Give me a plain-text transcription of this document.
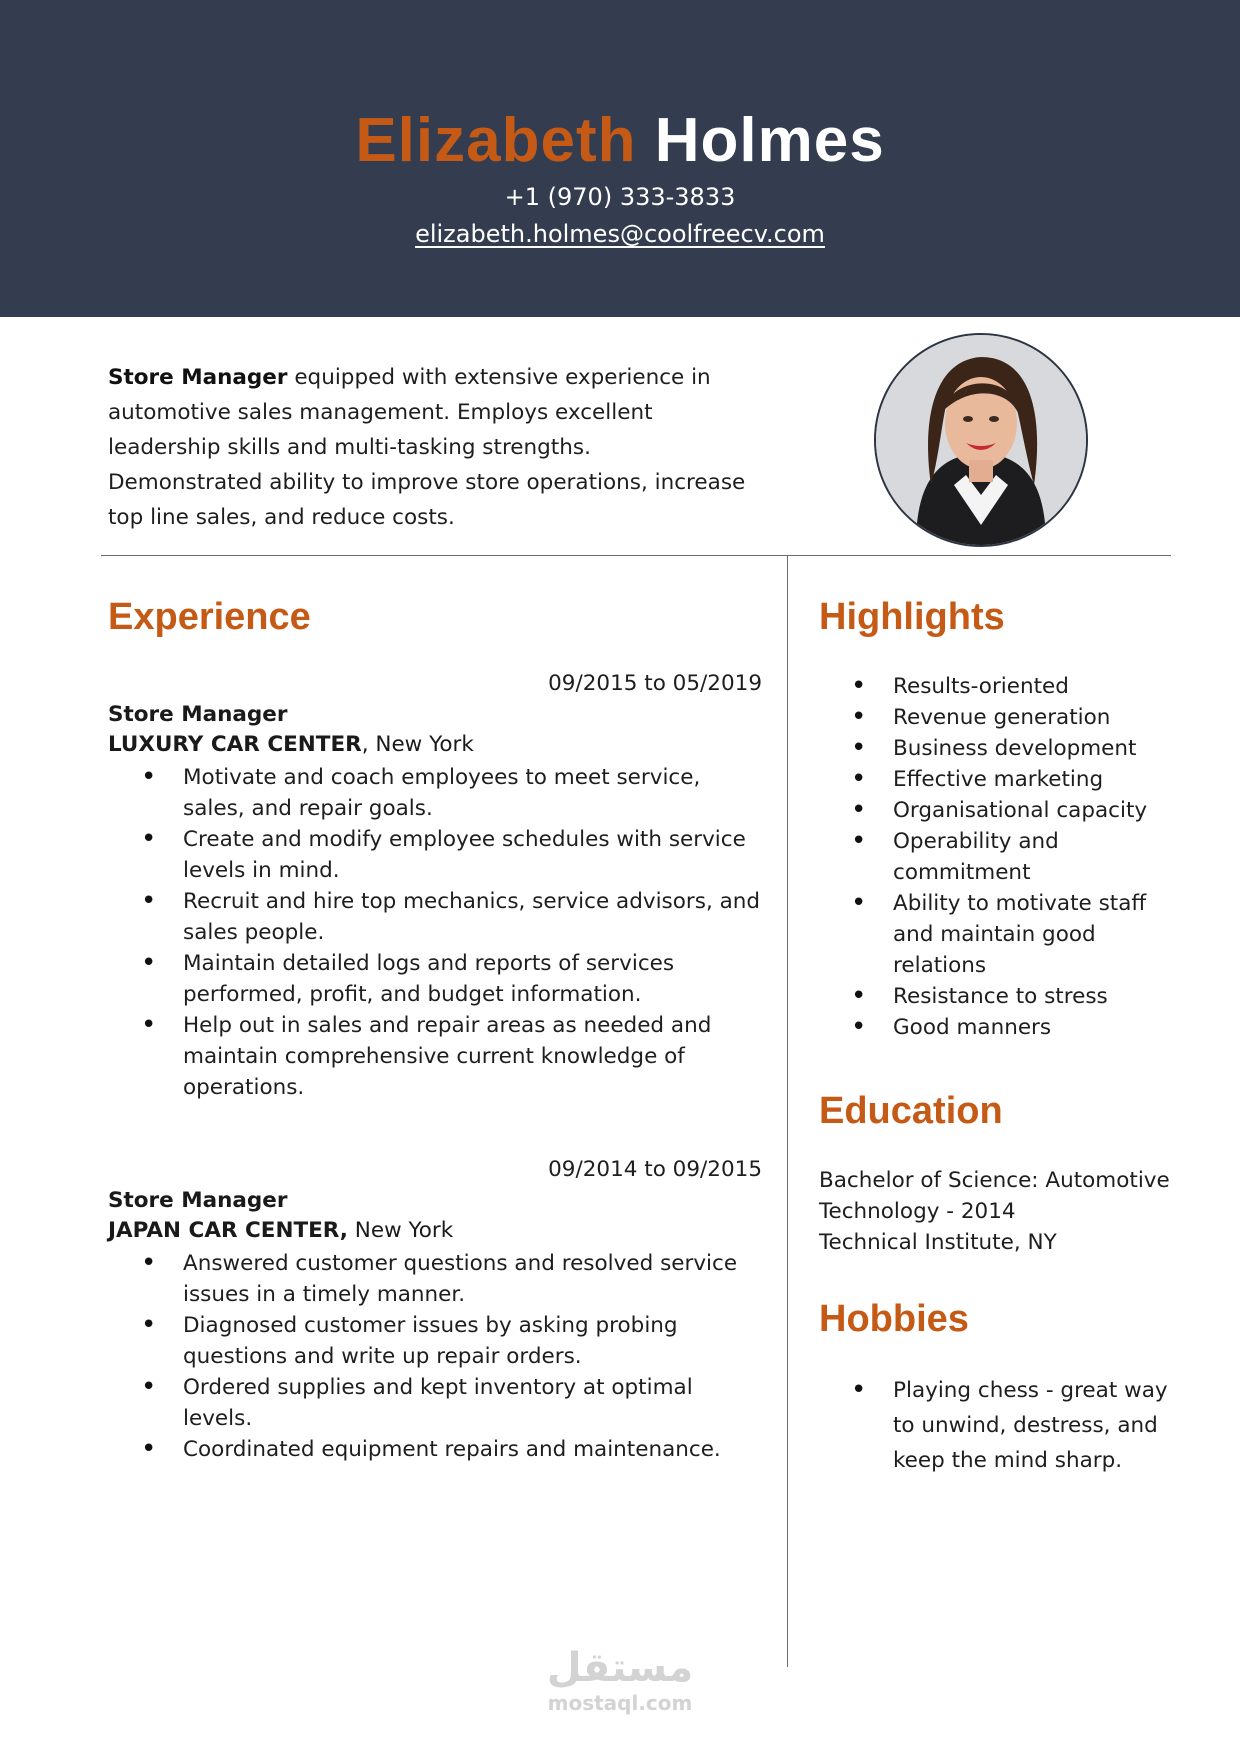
Elizabeth Holmes
+1 (970) 333-3833
elizabeth.holmes@coolfreecv.com
Store Manager equipped with extensive experience in automotive sales management. Employs excellent leadership skills and multi-tasking strengths. Demonstrated ability to improve store operations, increase top line sales, and reduce costs.
Experience
09/2015 to 05/2019
Store Manager
LUXURY CAR CENTER, New York
• Motivate and coach employees to meet service, sales, and repair goals.
• Create and modify employee schedules with service levels in mind.
• Recruit and hire top mechanics, service advisors, and sales people.
• Maintain detailed logs and reports of services performed, profit, and budget information.
• Help out in sales and repair areas as needed and maintain comprehensive current knowledge of operations.
09/2014 to 09/2015
Store Manager
JAPAN CAR CENTER, New York
• Answered customer questions and resolved service issues in a timely manner.
• Diagnosed customer issues by asking probing questions and write up repair orders.
• Ordered supplies and kept inventory at optimal levels.
• Coordinated equipment repairs and maintenance.
Highlights
• Results-oriented
• Revenue generation
• Business development
• Effective marketing
• Organisational capacity
• Operability and commitment
• Ability to motivate staff and maintain good relations
• Resistance to stress
• Good manners
Education
Bachelor of Science: Automotive Technology - 2014
Technical Institute, NY
Hobbies
• Playing chess - great way to unwind, destress, and keep the mind sharp.
مستقل
mostaql.com
